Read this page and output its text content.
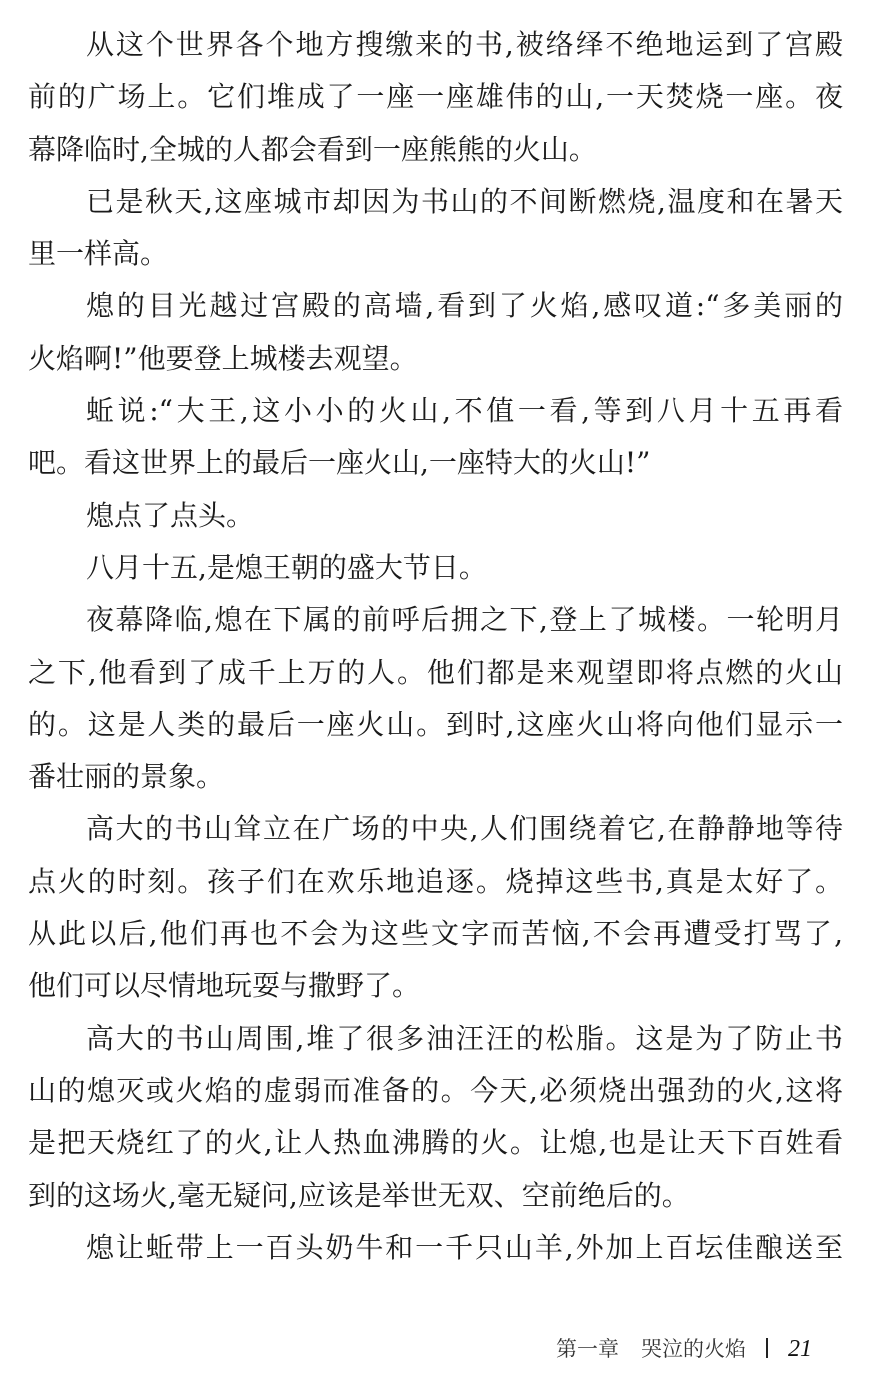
从这个世界各个地方搜缴来的书,被络绎不绝地运到了宫殿
前的广场上。它们堆成了一座一座雄伟的山,一天焚烧一座。夜
幕降临时,全城的人都会看到一座熊熊的火山。
已是秋天,这座城市却因为书山的不间断燃烧,温度和在暑天
里一样高。
熄的目光越过宫殿的高墙,看到了火焰,感叹道:“多美丽的
火焰啊!”他要登上城楼去观望。
蚯说:“大王,这小小的火山,不值一看,等到八月十五再看
吧。看这世界上的最后一座火山,一座特大的火山!”
熄点了点头。
八月十五,是熄王朝的盛大节日。
夜幕降临,熄在下属的前呼后拥之下,登上了城楼。一轮明月
之下,他看到了成千上万的人。他们都是来观望即将点燃的火山
的。这是人类的最后一座火山。到时,这座火山将向他们显示一
番壮丽的景象。
高大的书山耸立在广场的中央,人们围绕着它,在静静地等待
点火的时刻。孩子们在欢乐地追逐。烧掉这些书,真是太好了。
从此以后,他们再也不会为这些文字而苦恼,不会再遭受打骂了,
他们可以尽情地玩耍与撒野了。
高大的书山周围,堆了很多油汪汪的松脂。这是为了防止书
山的熄灭或火焰的虚弱而准备的。今天,必须烧出强劲的火,这将
是把天烧红了的火,让人热血沸腾的火。让熄,也是让天下百姓看
到的这场火,毫无疑问,应该是举世无双、空前绝后的。
熄让蚯带上一百头奶牛和一千只山羊,外加上百坛佳酿送至
第一章 哭泣的火焰 21
